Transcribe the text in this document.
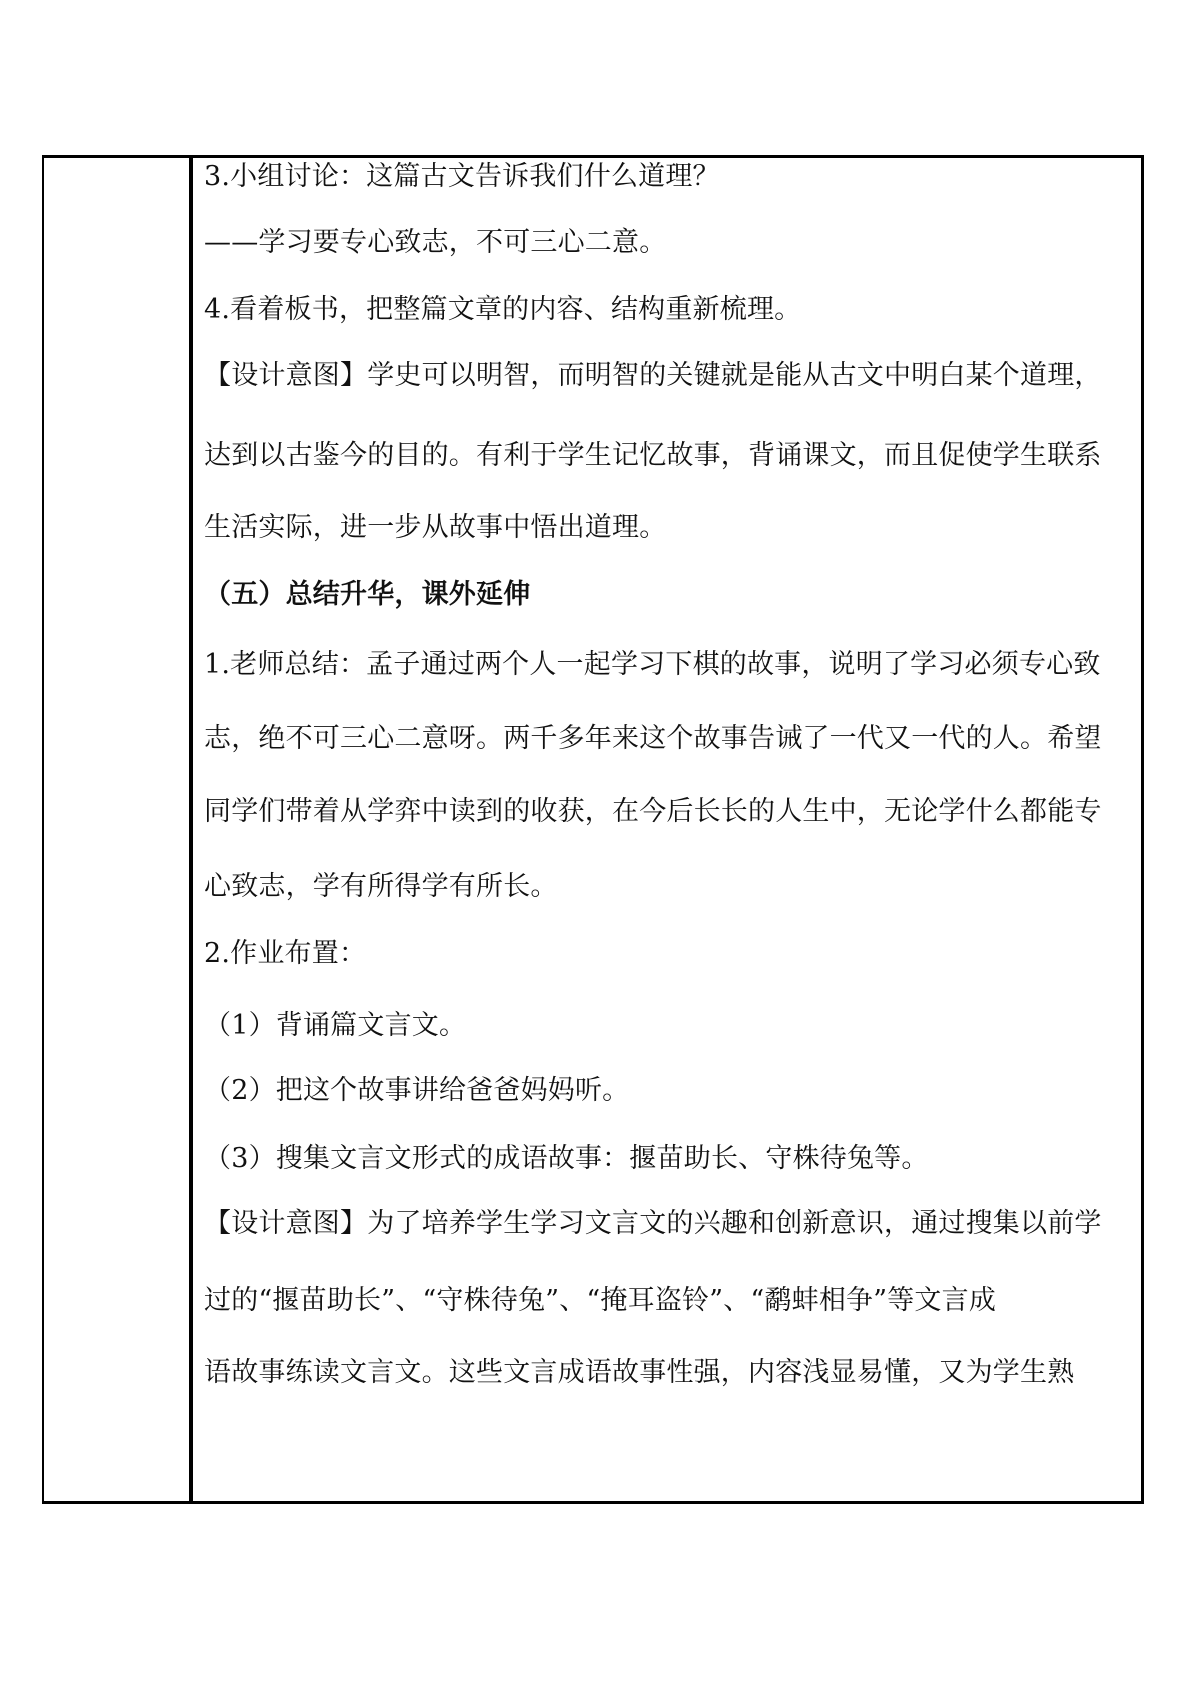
3.小组讨论：这篇古文告诉我们什么道理？
——学习要专心致志，不可三心二意。
4.看着板书，把整篇文章的内容、结构重新梳理。
【设计意图】学史可以明智，而明智的关键就是能从古文中明白某个道理，
达到以古鉴今的目的。有利于学生记忆故事，背诵课文，而且促使学生联系
生活实际，进一步从故事中悟出道理。
（五）总结升华，课外延伸
1.老师总结：孟子通过两个人一起学习下棋的故事，说明了学习必须专心致
志，绝不可三心二意呀。两千多年来这个故事告诫了一代又一代的人。希望
同学们带着从学弈中读到的收获，在今后长长的人生中，无论学什么都能专
心致志，学有所得学有所长。
2.作业布置：
（1）背诵篇文言文。
（2）把这个故事讲给爸爸妈妈听。
（3）搜集文言文形式的成语故事：揠苗助长、守株待兔等。
【设计意图】为了培养学生学习文言文的兴趣和创新意识，通过搜集以前学
过的“揠苗助长”、“守株待兔”、“掩耳盗铃”、“鹬蚌相争”等文言成
语故事练读文言文。这些文言成语故事性强，内容浅显易懂，又为学生熟
